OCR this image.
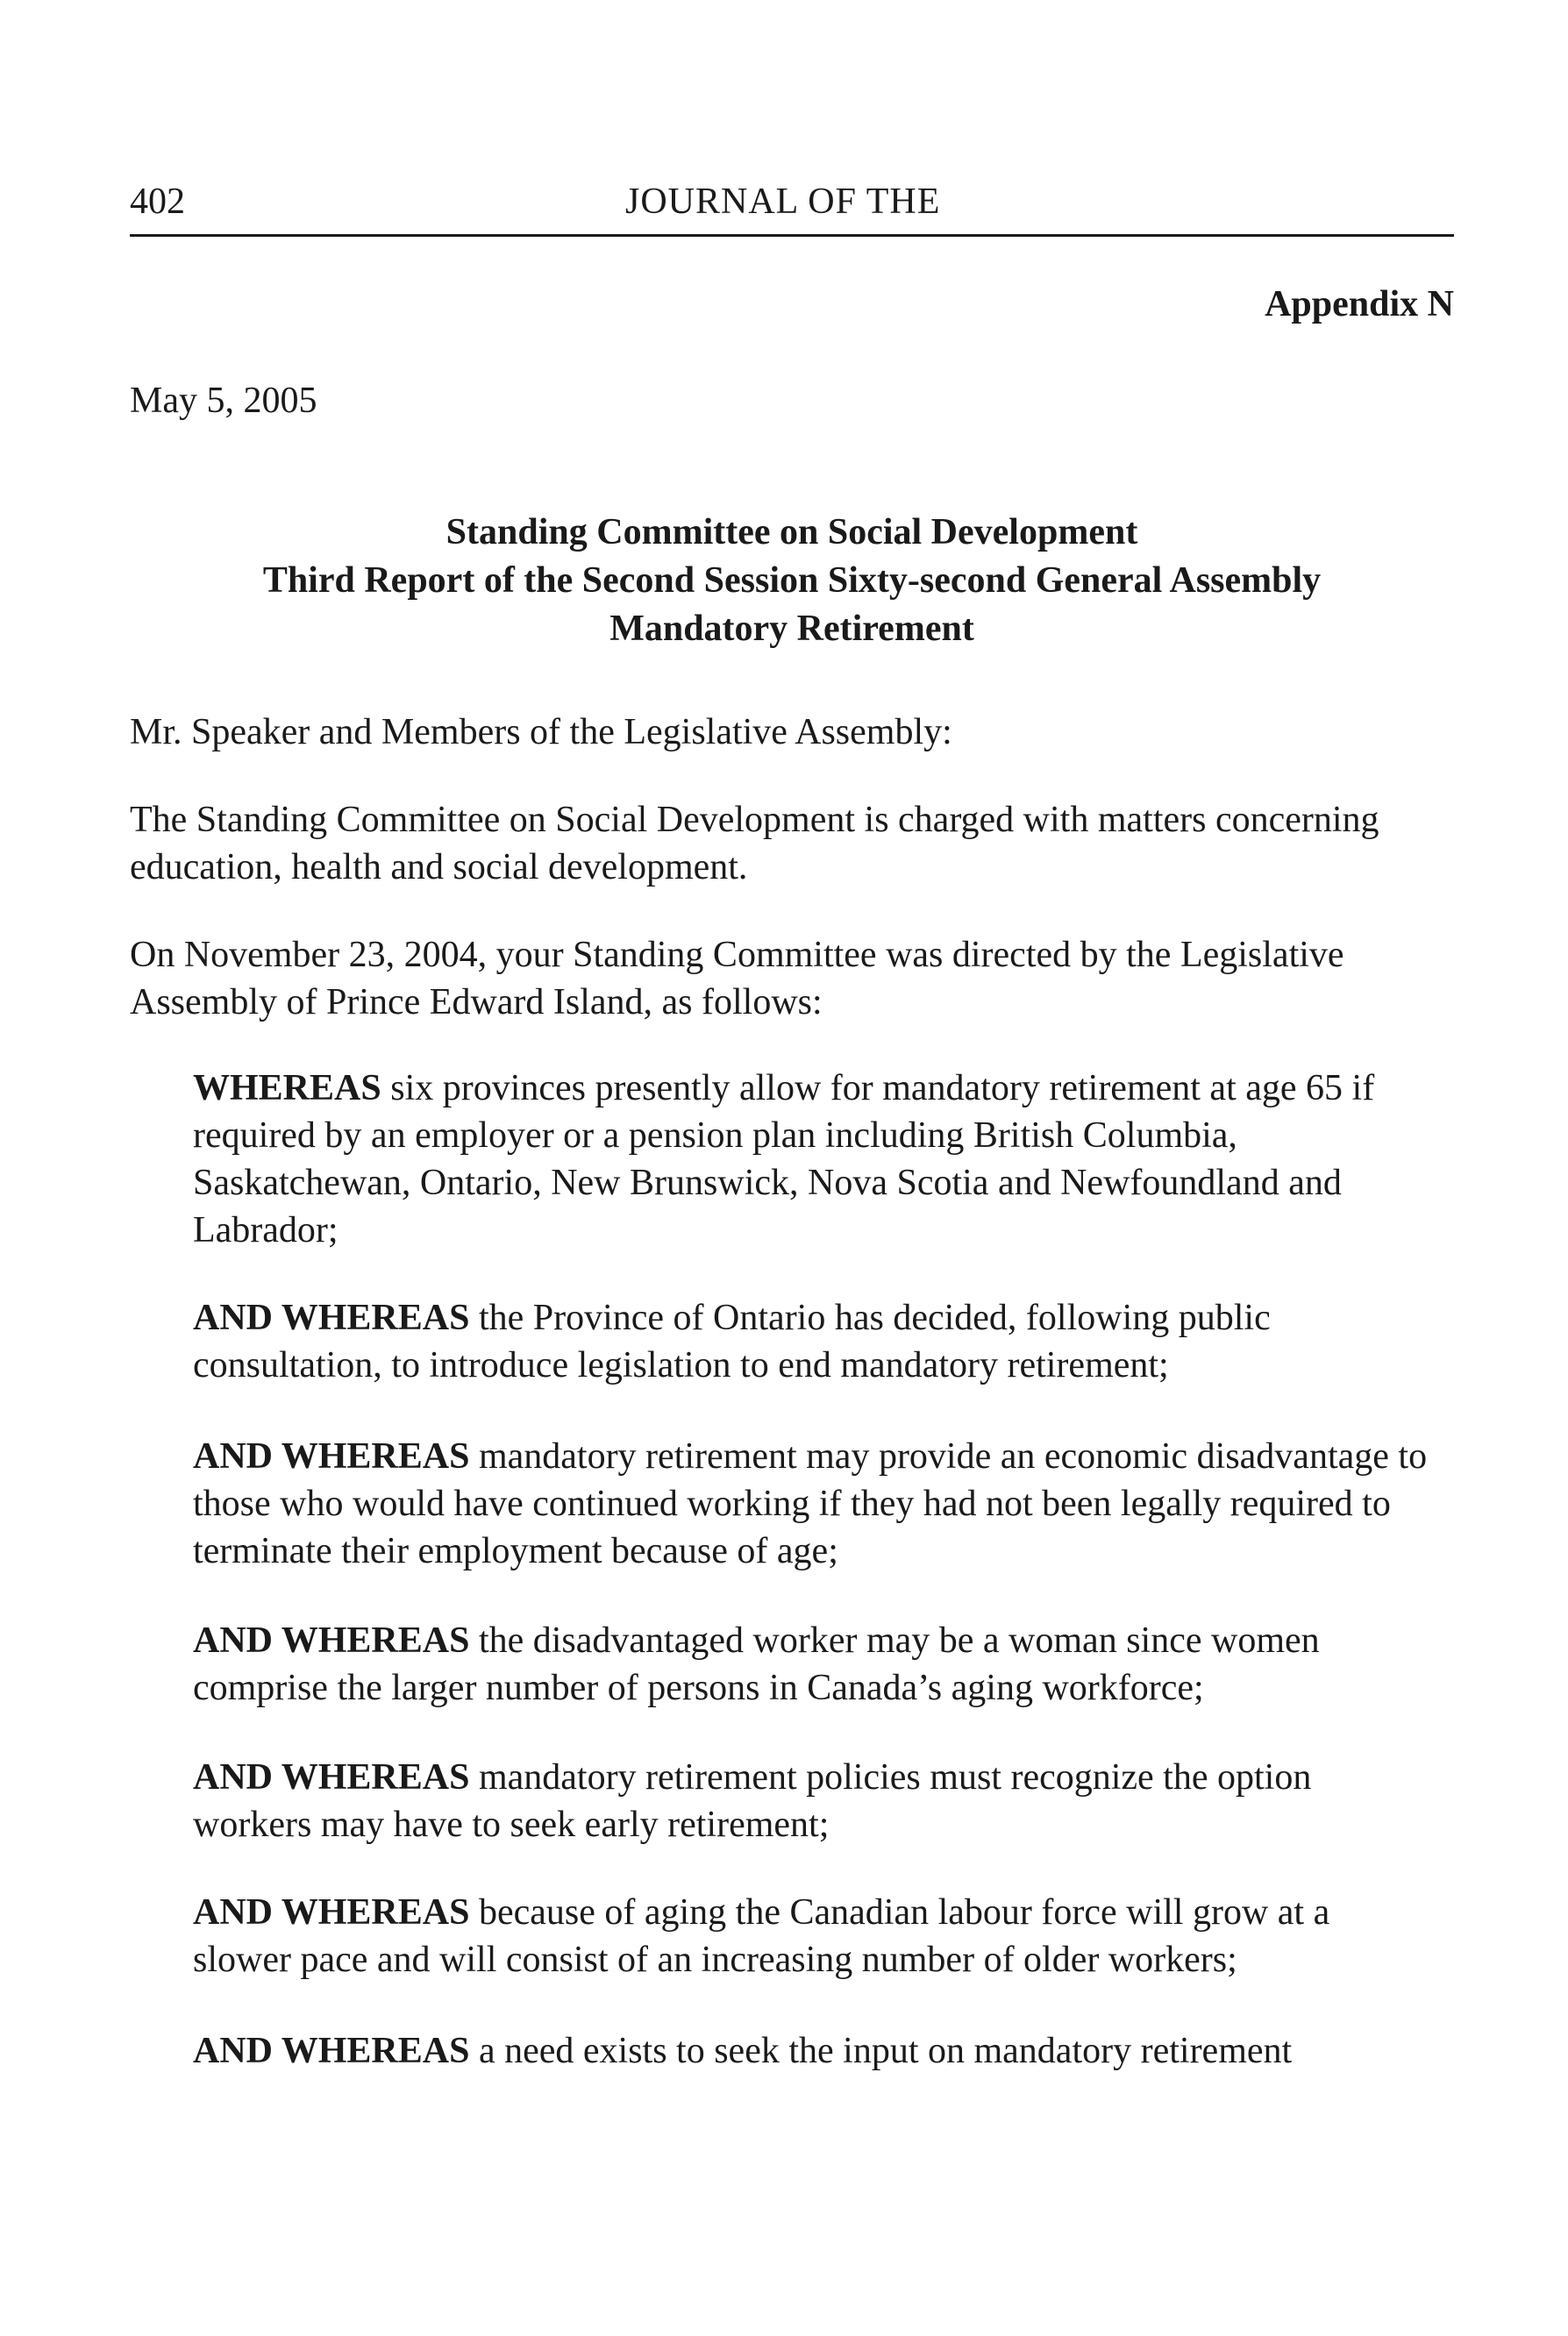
402	JOURNAL OF THE
Appendix N
May 5, 2005
Standing Committee on Social Development
Third Report of the Second Session Sixty-second General Assembly
Mandatory Retirement
Mr. Speaker and Members of the Legislative Assembly:
The Standing Committee on Social Development is charged with matters concerning education, health and social development.
On November 23, 2004, your Standing Committee was directed by the Legislative Assembly of Prince Edward Island, as follows:
WHEREAS six provinces presently allow for mandatory retirement at age 65 if required by an employer or a pension plan including British Columbia, Saskatchewan, Ontario, New Brunswick, Nova Scotia and Newfoundland and Labrador;
AND WHEREAS the Province of Ontario has decided, following public consultation, to introduce legislation to end mandatory retirement;
AND WHEREAS mandatory retirement may provide an economic disadvantage to those who would have continued working if they had not been legally required to terminate their employment because of age;
AND WHEREAS the disadvantaged worker may be a woman since women comprise the larger number of persons in Canada’s aging workforce;
AND WHEREAS mandatory retirement policies must recognize the option workers may have to seek early retirement;
AND WHEREAS because of aging the Canadian labour force will grow at a slower pace and will consist of an increasing number of older workers;
AND WHEREAS a need exists to seek the input on mandatory retirement
